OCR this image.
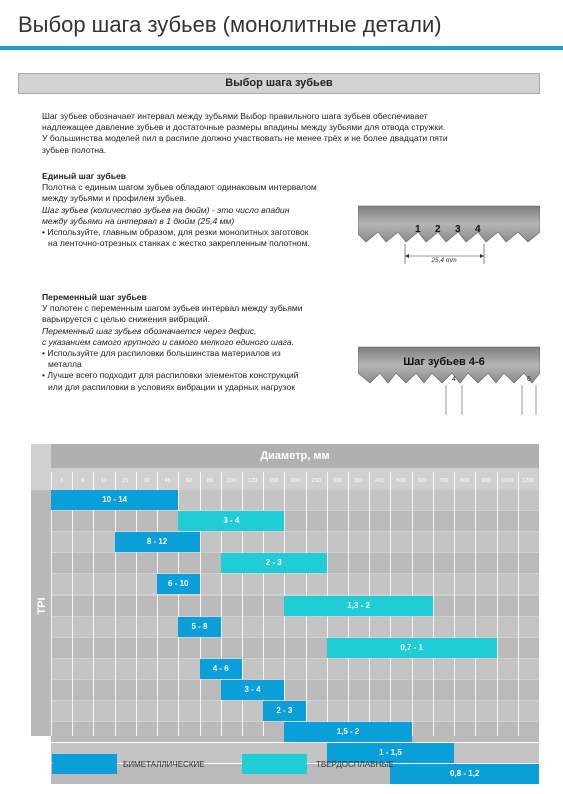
Выбор шага зубьев (монолитные детали)
Выбор шага зубьев
Шаг зубьев обозначает интервал между зубьями Выбор правильного шага зубьев обеспечивает
надлежащее давление зубьев и достаточные размеры впадины между зубьями для отвода стружки.
У большинства моделей пил в распиле должно участвовать не менее трёх и не более двадцати пяти
зубьев полотна.
Единый шаг зубьев
Полотна с единым шагом зубьев обладают одинаковым интервалом
между зубьями и профилем зубьев.
Шаг зубьев (количество зубьев на дюйм) - это число впадин
между зубьями на интервал в 1 дюйм (25,4 мм)
• Используйте, главным образом, для резки монолитных заготовок
на ленточно-отрезных станках с жестко закрепленным полотном.
1 2 3 4
25,4 mm
Переменный шаг зубьев
У полотен с переменным шагом зубьев интервал между зубьями
варьируется с целью снижения вибраций.
Переменный шаг зубьев обозначается через дефис,
с указанием самого крупного и самого мелкого единого шага.
• Используйте для распиловки большинства материалов из
металла
• Лучше всего подходит для распиловки элементов конструкций
или для распиловки в условиях вибрации и ударных нагрузок
Шаг зубьев 4-6
4	6
TPI
Диаметр, мм
3	6	10	15	30	45	60	80	100	120	150	200	250	300	350	400	500	600	700	800	900	1000	1200
10 - 14
3 - 4
8 - 12
2 - 3
6 - 10
1,3 - 2
5 - 8
0,7 - 1
4 - 6
3 - 4
2 - 3
1,5 - 2
1 - 1,5
0,8 - 1,2
БИМЕТАЛЛИЧЕСКИЕ	ТВЕРДОСПЛАВНЫЕ
